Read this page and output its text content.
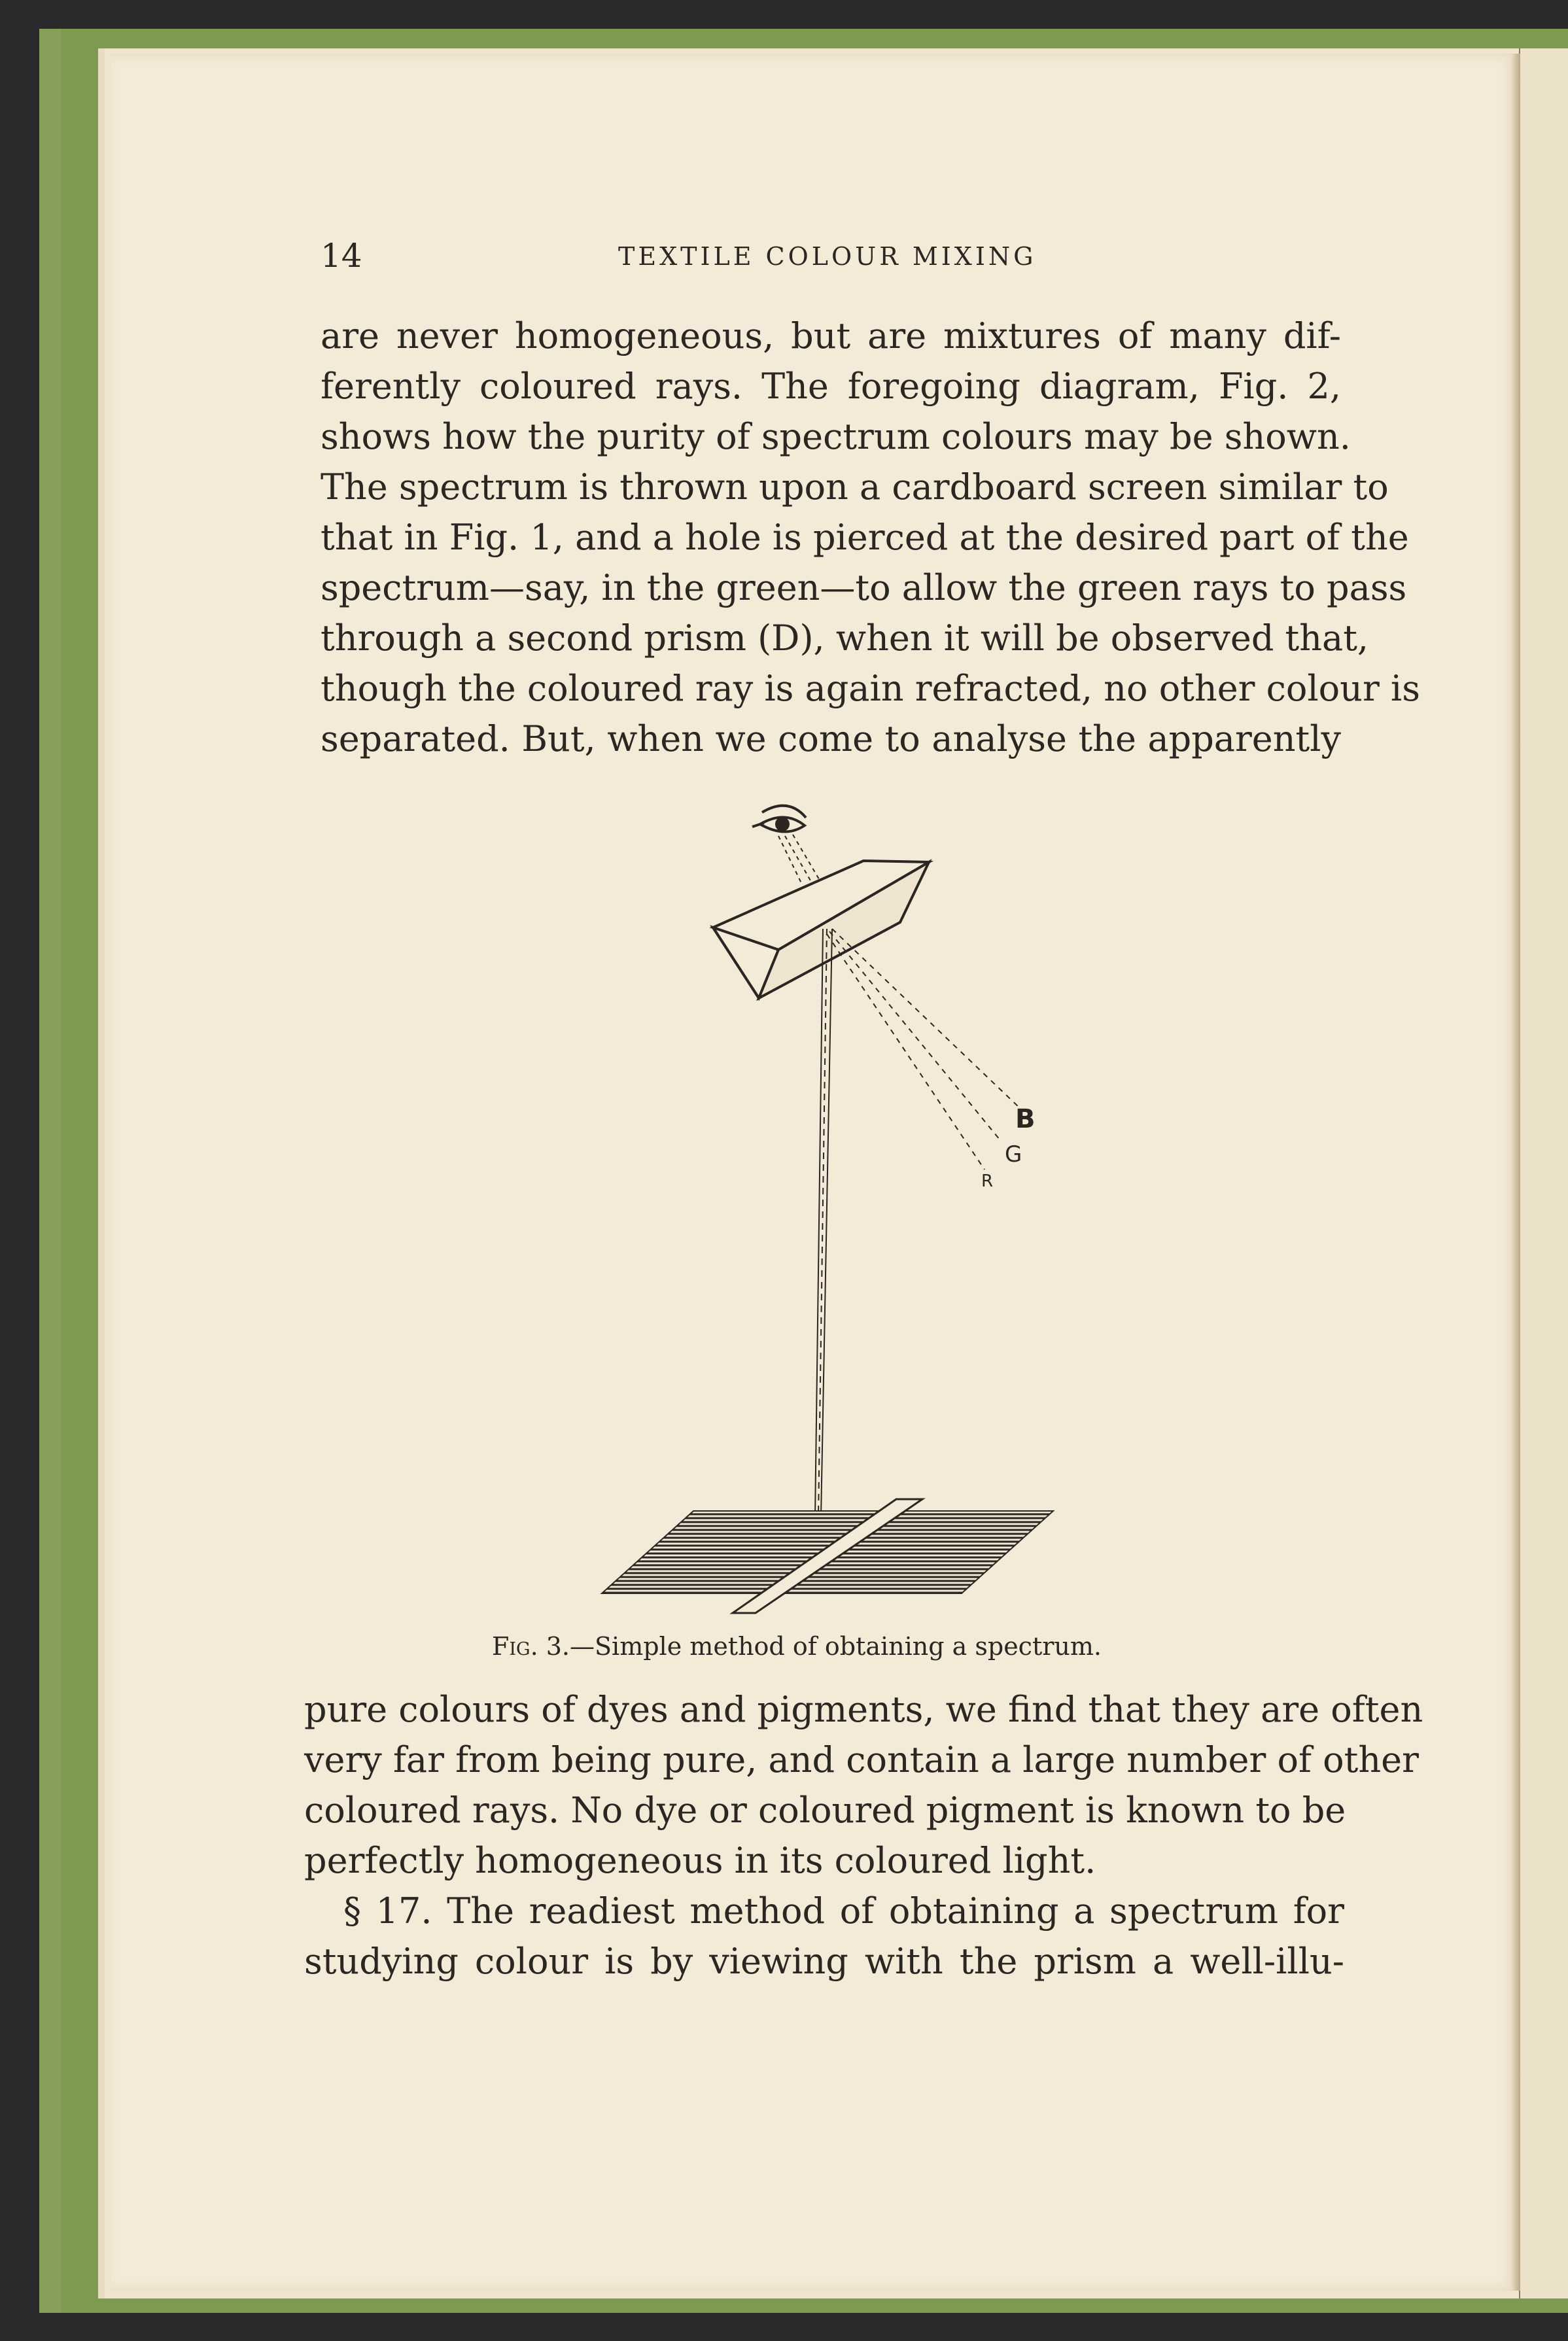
14	TEXTILE COLOUR MIXING
are never homogeneous, but are mixtures of many dif-
ferently coloured rays. The foregoing diagram, Fig. 2,
shows how the purity of spectrum colours may be shown.
The spectrum is thrown upon a cardboard screen similar to
that in Fig. 1, and a hole is pierced at the desired part of the
spectrum—say, in the green—to allow the green rays to pass
through a second prism (D), when it will be observed that,
though the coloured ray is again refracted, no other colour is
separated. But, when we come to analyse the apparently
B
G
R
Fig. 3.—Simple method of obtaining a spectrum.
pure colours of dyes and pigments, we find that they are often
very far from being pure, and contain a large number of other
coloured rays. No dye or coloured pigment is known to be
perfectly homogeneous in its coloured light.
§ 17. The readiest method of obtaining a spectrum for
studying colour is by viewing with the prism a well-illu-
